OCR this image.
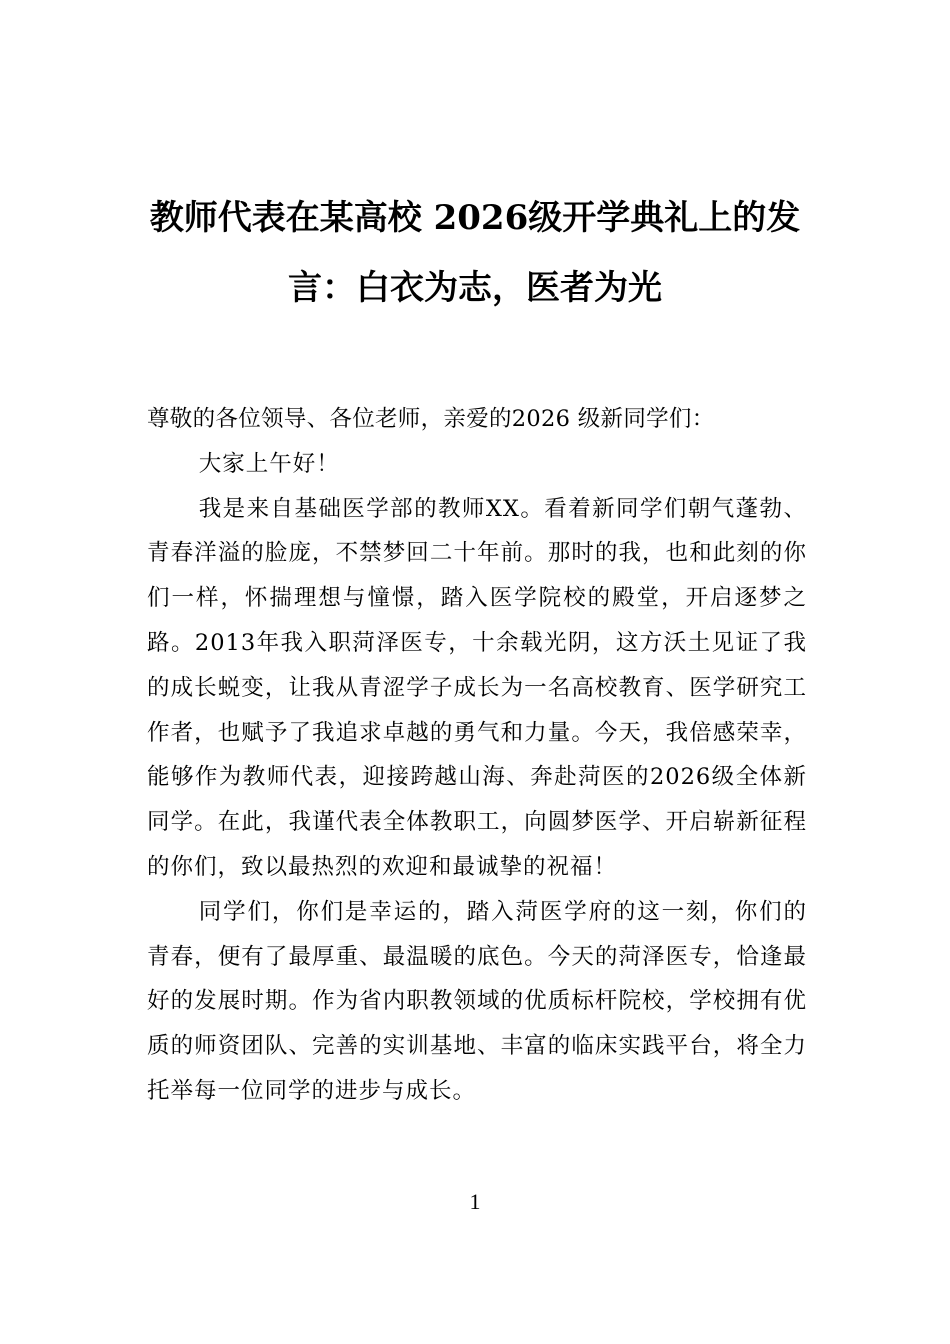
教师代表在某高校 2026级开学典礼上的发
言：白衣为志，医者为光

尊敬的各位领导、各位老师，亲爱的2026 级新同学们：

大家上午好！

我是来自基础医学部的教师XX。看着新同学们朝气蓬勃、青春洋溢的脸庞，不禁梦回二十年前。那时的我，也和此刻的你们一样，怀揣理想与憧憬，踏入医学院校的殿堂，开启逐梦之路。2013年我入职菏泽医专，十余载光阴，这方沃土见证了我的成长蜕变，让我从青涩学子成长为一名高校教育、医学研究工作者，也赋予了我追求卓越的勇气和力量。今天，我倍感荣幸，能够作为教师代表，迎接跨越山海、奔赴菏医的2026级全体新同学。在此，我谨代表全体教职工，向圆梦医学、开启崭新征程的你们，致以最热烈的欢迎和最诚挚的祝福！

同学们，你们是幸运的，踏入菏医学府的这一刻，你们的青春，便有了最厚重、最温暖的底色。今天的菏泽医专，恰逢最好的发展时期。作为省内职教领域的优质标杆院校，学校拥有优质的师资团队、完善的实训基地、丰富的临床实践平台，将全力托举每一位同学的进步与成长。

1
